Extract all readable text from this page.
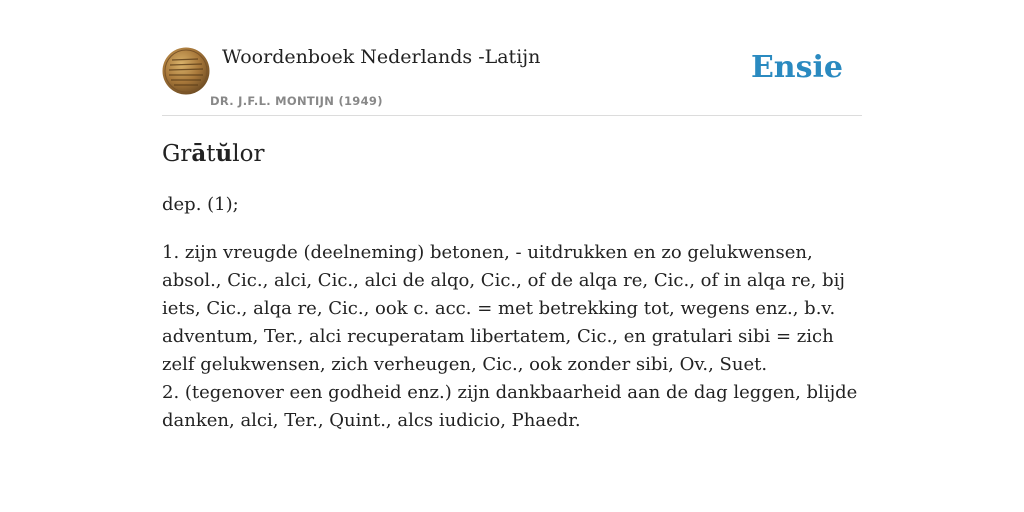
Woordenboek Nederlands -Latijn
DR. J.F.L. MONTIJN (1949)
Ensie
Grātŭlor
dep. (1);

1. zijn vreugde (deelneming) betonen, - uitdrukken en zo gelukwensen, absol., Cic., alci, Cic., alci de alqo, Cic., of de alqa re, Cic., of in alqa re, bij iets, Cic., alqa re, Cic., ook c. acc. = met betrekking tot, wegens enz., b.v. adventum, Ter., alci recuperatam libertatem, Cic., en gratulari sibi = zich zelf gelukwensen, zich verheugen, Cic., ook zonder sibi, Ov., Suet.

2. (tegenover een godheid enz.) zijn dankbaarheid aan de dag leggen, blijde danken, alci, Ter., Quint., alcs iudicio, Phaedr.
